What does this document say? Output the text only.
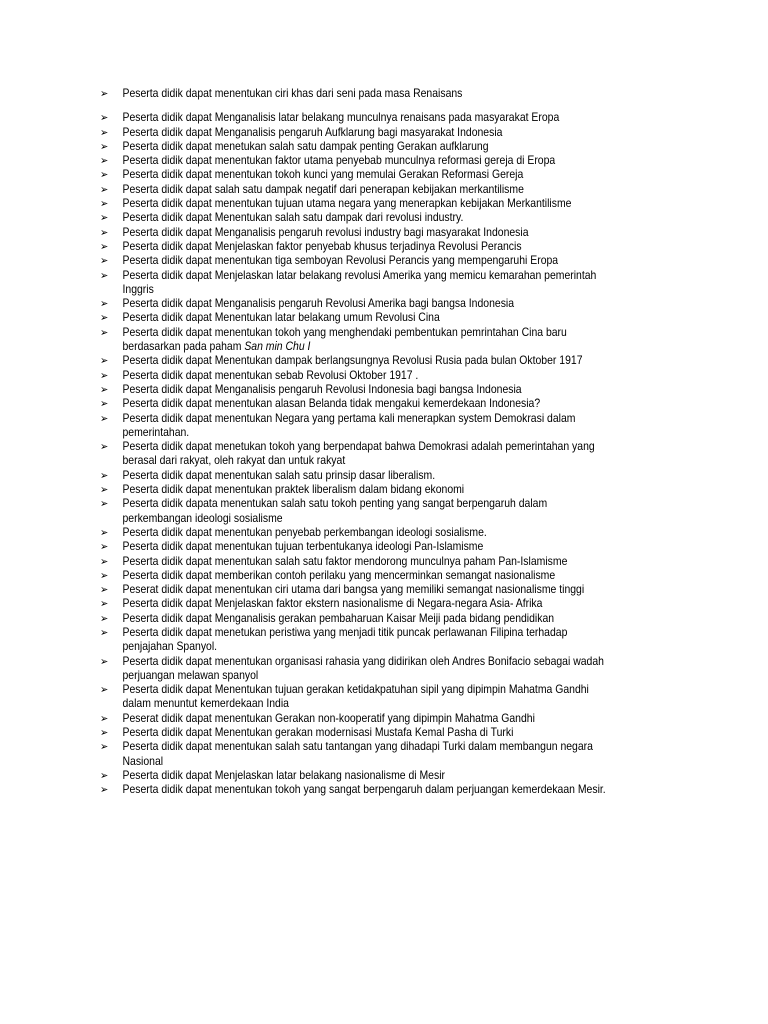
➢	Peserta didik dapat menentukan ciri khas dari seni pada masa Renaisans
➢	Peserta didik dapat Menganalisis latar belakang munculnya renaisans pada masyarakat Eropa
➢	Peserta didik dapat Menganalisis pengaruh Aufklarung bagi masyarakat Indonesia
➢	Peserta didik dapat menetukan salah satu dampak penting Gerakan aufklarung
➢	Peserta didik dapat menentukan faktor utama penyebab munculnya reformasi gereja di Eropa
➢	Peserta didik dapat menentukan tokoh kunci yang memulai Gerakan Reformasi Gereja
➢	Peserta didik dapat salah satu dampak negatif dari penerapan kebijakan merkantilisme
➢	Peserta didik dapat menentukan tujuan utama negara yang menerapkan kebijakan Merkantilisme
➢	Peserta didik dapat Menentukan salah satu dampak dari revolusi industry.
➢	Peserta didik dapat Menganalisis pengaruh revolusi industry bagi masyarakat Indonesia
➢	Peserta didik dapat Menjelaskan faktor penyebab khusus terjadinya Revolusi Perancis
➢	Peserta didik dapat menentukan tiga semboyan Revolusi Perancis yang mempengaruhi Eropa
➢	Peserta didik dapat Menjelaskan latar belakang revolusi Amerika yang memicu kemarahan pemerintah
Inggris
➢	Peserta didik dapat Menganalisis pengaruh Revolusi Amerika bagi bangsa Indonesia
➢	Peserta didik dapat Menentukan latar belakang umum Revolusi Cina
➢	Peserta didik dapat menentukan tokoh yang menghendaki pembentukan pemrintahan Cina baru
berdasarkan pada paham San min Chu I
➢	Peserta didik dapat Menentukan dampak berlangsungnya Revolusi Rusia pada bulan Oktober 1917
➢	Peserta didik dapat menentukan sebab Revolusi Oktober 1917 .
➢	Peserta didik dapat Menganalisis pengaruh Revolusi Indonesia bagi bangsa Indonesia
➢	Peserta didik dapat menentukan alasan Belanda tidak mengakui kemerdekaan Indonesia?
➢	Peserta didik dapat menentukan Negara yang pertama kali menerapkan system Demokrasi dalam
pemerintahan.
➢	Peserta didik dapat menetukan tokoh yang berpendapat bahwa Demokrasi adalah pemerintahan yang
berasal dari rakyat, oleh rakyat dan untuk rakyat
➢	Peserta didik dapat menentukan salah satu prinsip dasar liberalism.
➢	Peserta didik dapat menentukan praktek liberalism dalam bidang ekonomi
➢	Peserta didik dapata menentukan salah satu tokoh penting yang sangat berpengaruh dalam
perkembangan ideologi sosialisme
➢	Peserta didik dapat menentukan penyebab perkembangan ideologi sosialisme.
➢	Peserta didik dapat menentukan tujuan terbentukanya ideologi Pan-Islamisme
➢	Peserta didik dapat menentukan salah satu faktor mendorong munculnya paham Pan-Islamisme
➢	Peserta didik dapat memberikan contoh perilaku yang mencerminkan semangat nasionalisme
➢	Peserat didik dapat menentukan ciri utama dari bangsa yang memiliki semangat nasionalisme tinggi
➢	Peserta didik dapat Menjelaskan faktor ekstern nasionalisme di Negara-negara Asia- Afrika
➢	Peserta didik dapat Menganalisis gerakan pembaharuan Kaisar Meiji pada bidang pendidikan
➢	Peserta didik dapat menetukan peristiwa yang menjadi titik puncak perlawanan Filipina terhadap
penjajahan Spanyol.
➢	Peserta didik dapat menentukan organisasi rahasia yang didirikan oleh Andres Bonifacio sebagai wadah
perjuangan melawan spanyol
➢	Peserta didik dapat Menentukan tujuan gerakan ketidakpatuhan sipil yang dipimpin Mahatma Gandhi
dalam menuntut kemerdekaan India
➢	Peserat didik dapat menentukan Gerakan non-kooperatif yang dipimpin Mahatma Gandhi
➢	Peserta didik dapat Menentukan gerakan modernisasi Mustafa Kemal Pasha di Turki
➢	Peserta didik dapat menentukan salah satu tantangan yang dihadapi Turki dalam membangun negara
Nasional
➢	Peserta didik dapat Menjelaskan latar belakang nasionalisme di Mesir
➢	Peserta didik dapat menentukan tokoh yang sangat berpengaruh dalam perjuangan kemerdekaan Mesir.
